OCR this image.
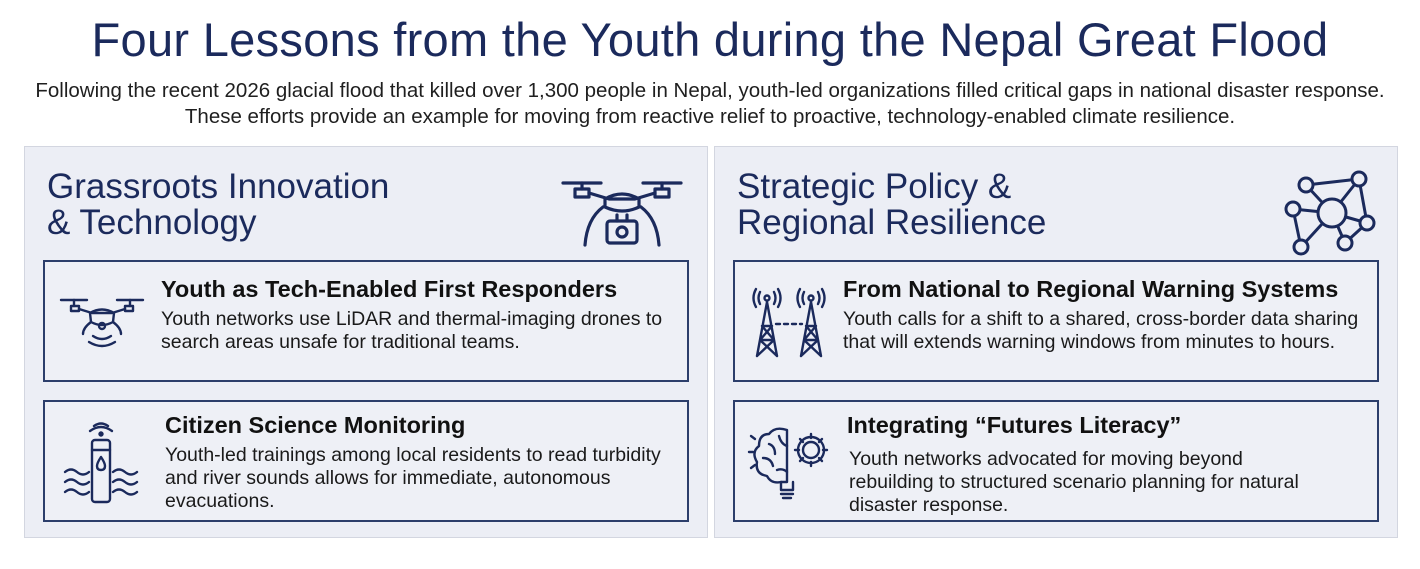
Four Lessons from the Youth during the Nepal Great Flood

Following the recent 2026 glacial flood that killed over 1,300 people in Nepal, youth-led organizations filled critical gaps in national disaster response. These efforts provide an example for moving from reactive relief to proactive, technology-enabled climate resilience.

Grassroots Innovation
& Technology
Youth as Tech-Enabled First Responders
Youth networks use LiDAR and thermal-imaging drones to search areas unsafe for traditional teams.
Citizen Science Monitoring
Youth-led trainings among local residents to read turbidity and river sounds allows for immediate, autonomous evacuations.
Strategic Policy &
Regional Resilience
From National to Regional Warning Systems
Youth calls for a shift to a shared, cross-border data sharing that will extends warning windows from minutes to hours.
Integrating “Futures Literacy”
Youth networks advocated for moving beyond rebuilding to structured scenario planning for natural disaster response.
